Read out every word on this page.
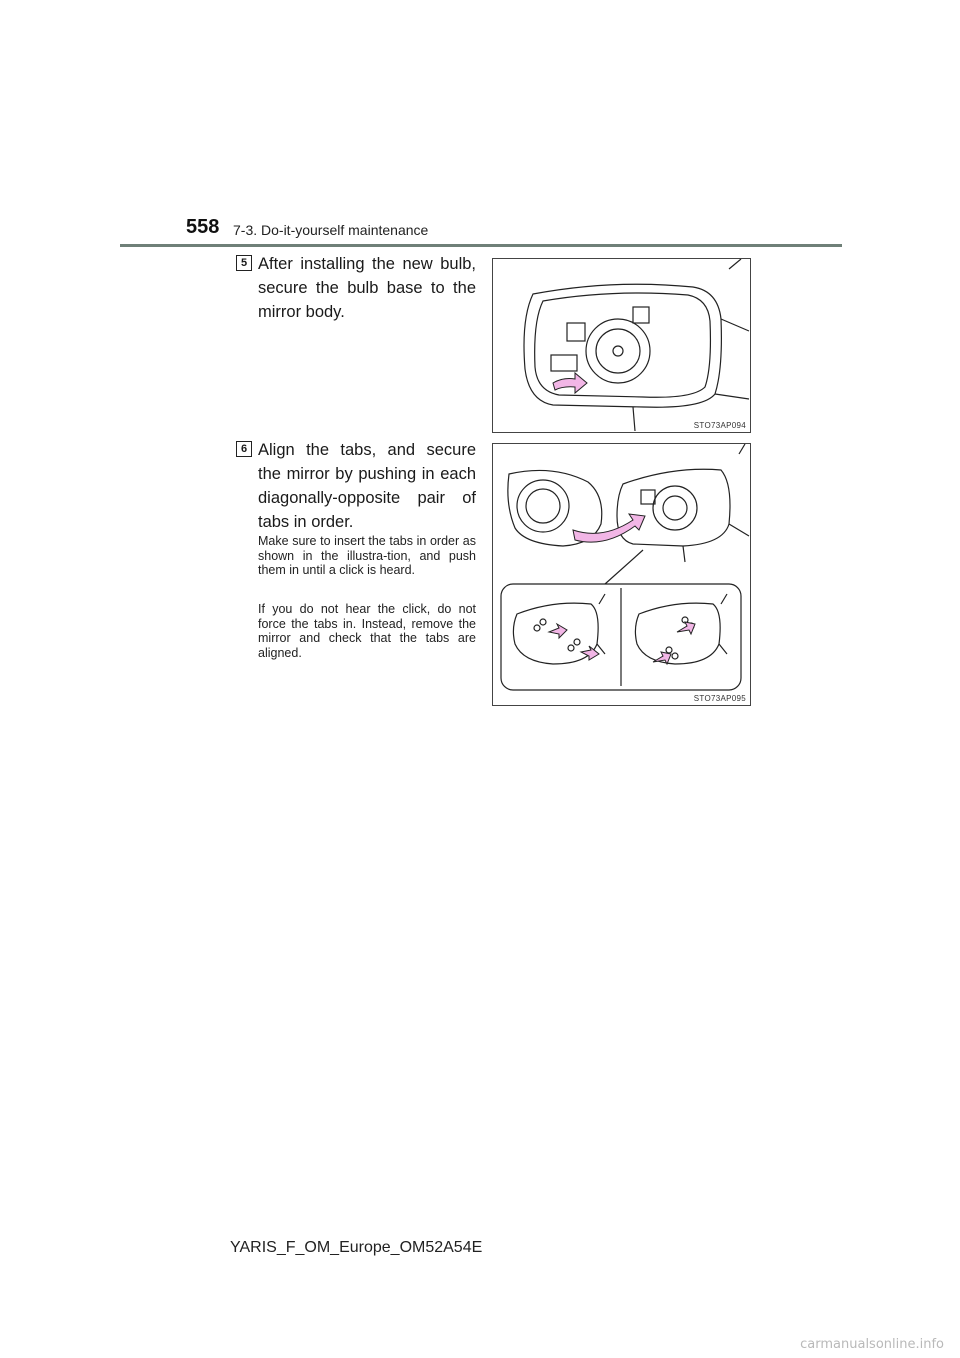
558 7-3. Do-it-yourself maintenance
5 After installing the new bulb, secure the bulb base to the mirror body.
STO73AP094
6 Align the tabs, and secure the mirror by pushing in each diagonally-opposite pair of tabs in order.
Make sure to insert the tabs in order as shown in the illustra-tion, and push them in until a click is heard.
If you do not hear the click, do not force the tabs in. Instead, remove the mirror and check that the tabs are aligned.
STO73AP095
YARIS_F_OM_Europe_OM52A54E
carmanualsonline.info
